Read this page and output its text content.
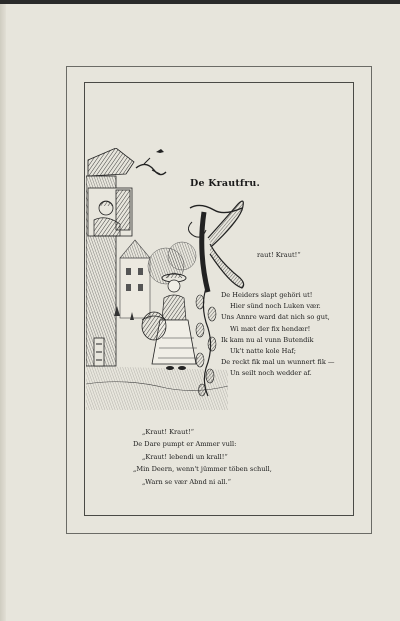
De Krautfru.
raut! Kraut!“
De Heiders slapt gehöri ut!
Hier sünd noch Luken vær.
Uns Annre ward dat nich so gut,
Wi mæt der fix hendær!
Ik kam nu al vunn Butendik
Uk't natte kole Haf;
De reckt fik mal un wunnert fik —
Un seilt noch wedder af.
„Kraut! Kraut!“
De Dare pumpt er Ammer vull:
„Kraut! lebendi un krall!“
„Min Deern, wenn't jümmer töben schull,
„Warn se vær Abnd ni all.“
